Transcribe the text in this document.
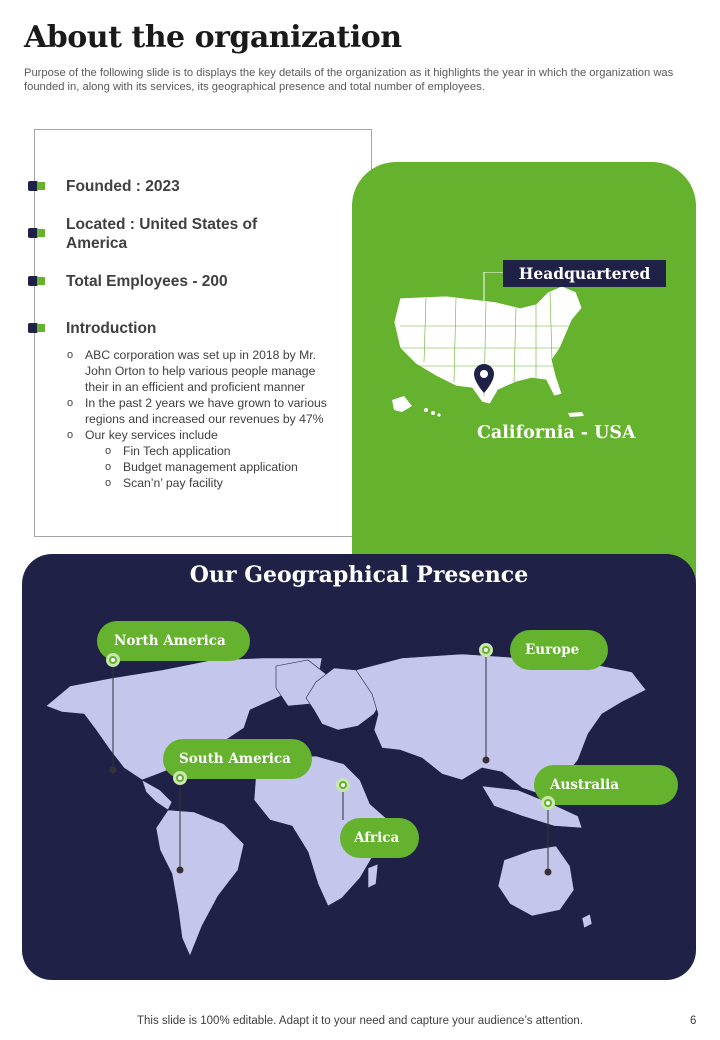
About the organization
Purpose of the following slide is to displays the key details of the organization as it highlights the year in which the organization was founded in, along with its services, its geographical presence and total number of employees.
Founded : 2023
Located : United States of America
Total Employees - 200
Introduction
o ABC corporation was set up in 2018 by Mr. John Orton to help various people manage their in an efficient and proficient manner
o In the past 2 years we have grown to various regions and increased our revenues by 47%
o Our key services include
o Fin Tech application
o Budget management application
o Scan’n’ pay facility
Headquartered
California - USA
Our Geographical Presence
North America
Europe
South America
Australia
Africa
This slide is 100% editable. Adapt it to your need and capture your audience’s attention.	6
